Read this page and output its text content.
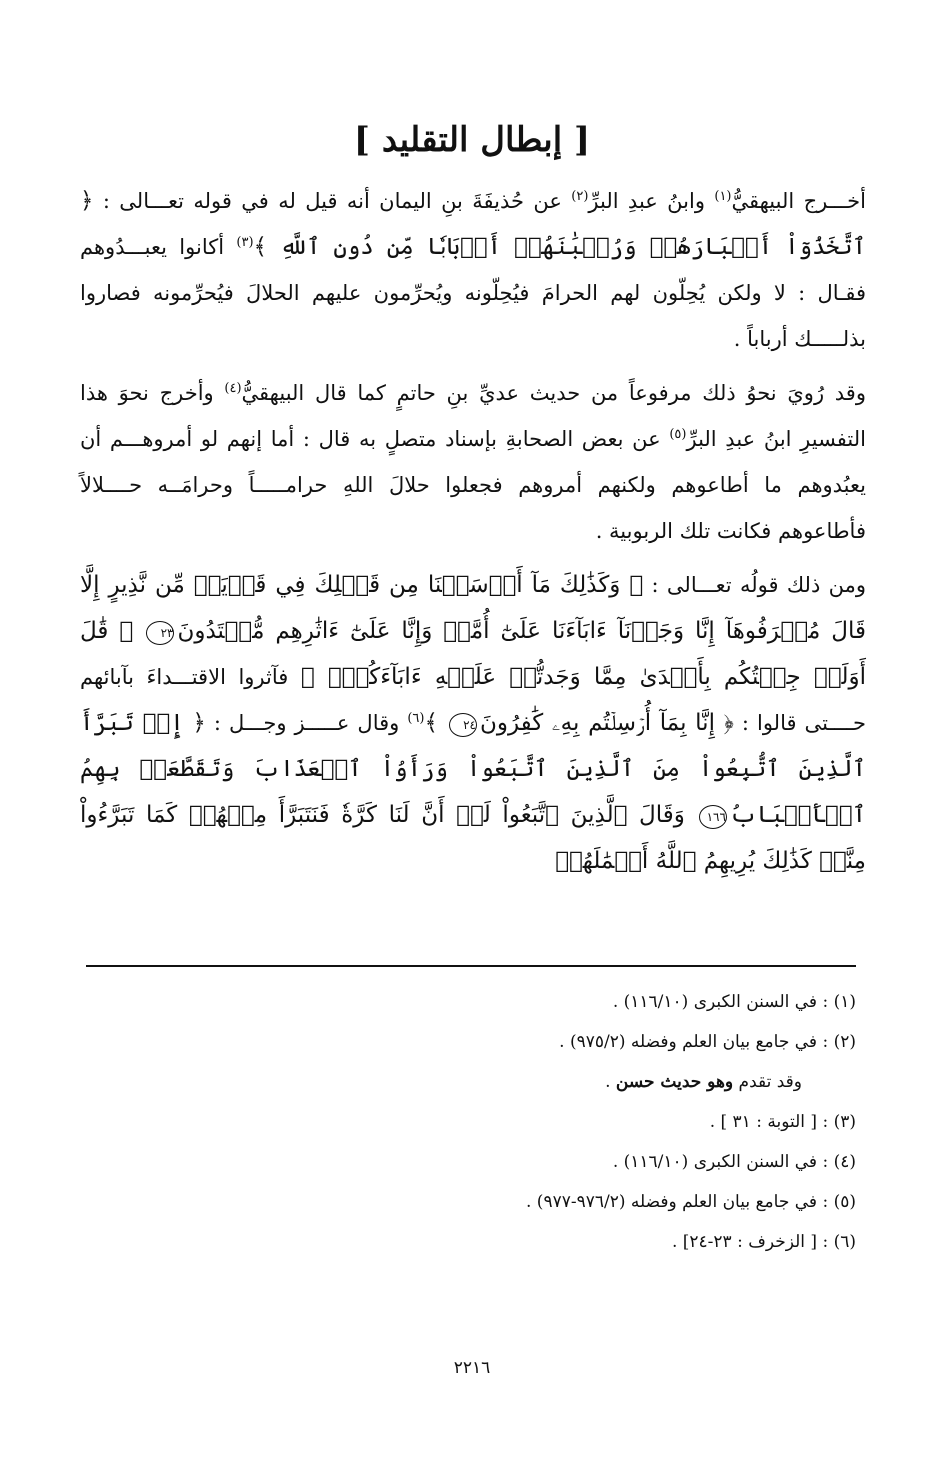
[ إبطال التقليد ]

أخـــرج البيهقيُّ$^{(١)}$ وابنُ عبدِ البرِّ$^{(٢)}$ عن حُذيفَةَ بنِ اليمان أنه قيل له في قوله تعـــالى : ﴿ ٱتَّخَذُوٓاْ أَحۡبَارَهُمۡ وَرُهۡبَٰنَهُمۡ أَرۡبَابٗا مِّن دُونِ ٱللَّهِ ﴾$^{(٣)}$ أكانوا يعبـــدُوهم فقـال : لا ولكن يُحِلّون لهم الحرامَ فيُحِلّونه ويُحرِّمون عليهم الحلالَ فيُحرِّمونه فصاروا بذلـــــك أرباباً .

وقد رُويَ نحوُ ذلك مرفوعاً من حديث عديِّ بنِ حاتمٍ كما قال البيهقيُّ$^{(٤)}$ وأخرج نحوَ هذا التفسيرِ ابنُ عبدِ البرِّ$^{(٥)}$ عن بعض الصحابةِ بإسناد متصلٍ به قال : أما إنهم لو أمروهـــم أن يعبُدوهم ما أطاعوهم ولكنهم أمروهم فجعلوا حلالَ اللهِ حرامـــــاً وحرامَــه حــــلالاً فأطاعوهم فكانت تلك الربوبية .

ومن ذلك قولُه تعـــالى : ﴿ وَكَذَٰلِكَ مَآ أَرۡسَلۡنَا مِن قَبۡلِكَ فِي قَرۡيَةٖ مِّن نَّذِيرٍ إِلَّا قَالَ مُتۡرَفُوهَآ إِنَّا وَجَدۡنَآ ءَابَآءَنَا عَلَىٰٓ أُمَّةٖ وَإِنَّا عَلَىٰٓ ءَاثَٰرِهِم مُّقۡتَدُونَ٢٣ ۞ قَٰلَ أَوَلَوۡ جِئۡتُكُم بِأَهۡدَىٰ مِمَّا وَجَدتُّمۡ عَلَيۡهِ ءَابَآءَكُمۡۖ ﴾ فآثروا الاقتـــداءَ بآبائهم حــــتى قالوا : ﴿ إِنَّا بِمَآ أُرۡسِلۡتُم بِهِۦ كَٰفِرُونَ٢٤ ﴾$^{(٦)}$ وقال عـــــز وجـــل : ﴿ إِذۡ تَبَرَّأَ ٱلَّذِينَ ٱتُّبِعُواْ مِنَ ٱلَّذِينَ ٱتَّبَعُواْ وَرَأَوُاْ ٱلۡعَذَابَ وَتَقَطَّعَتۡ بِهِمُ ٱلۡأَسۡبَابُ١٦٦ وَقَالَ ٱلَّذِينَ ٱتَّبَعُواْ لَوۡ أَنَّ لَنَا كَرَّةٗ فَنَتَبَرَّأَ مِنۡهُمۡ كَمَا تَبَرَّءُواْ مِنَّاۗ كَذَٰلِكَ يُرِيهِمُ ٱللَّهُ أَعۡمَٰلَهُمۡ

(١) : في السنن الكبرى (١١٦/١٠) .
(٢) : في جامع بيان العلم وفضله (٩٧٥/٢) .
وقد تقدم وهو حديث حسن .
(٣) : [ التوبة : ٣١ ] .
(٤) : في السنن الكبرى (١١٦/١٠) .
(٥) : في جامع بيان العلم وفضله (٩٧٦/٢-٩٧٧) .
(٦) : [ الزخرف : ٢٣-٢٤] .
٢٢١٦
